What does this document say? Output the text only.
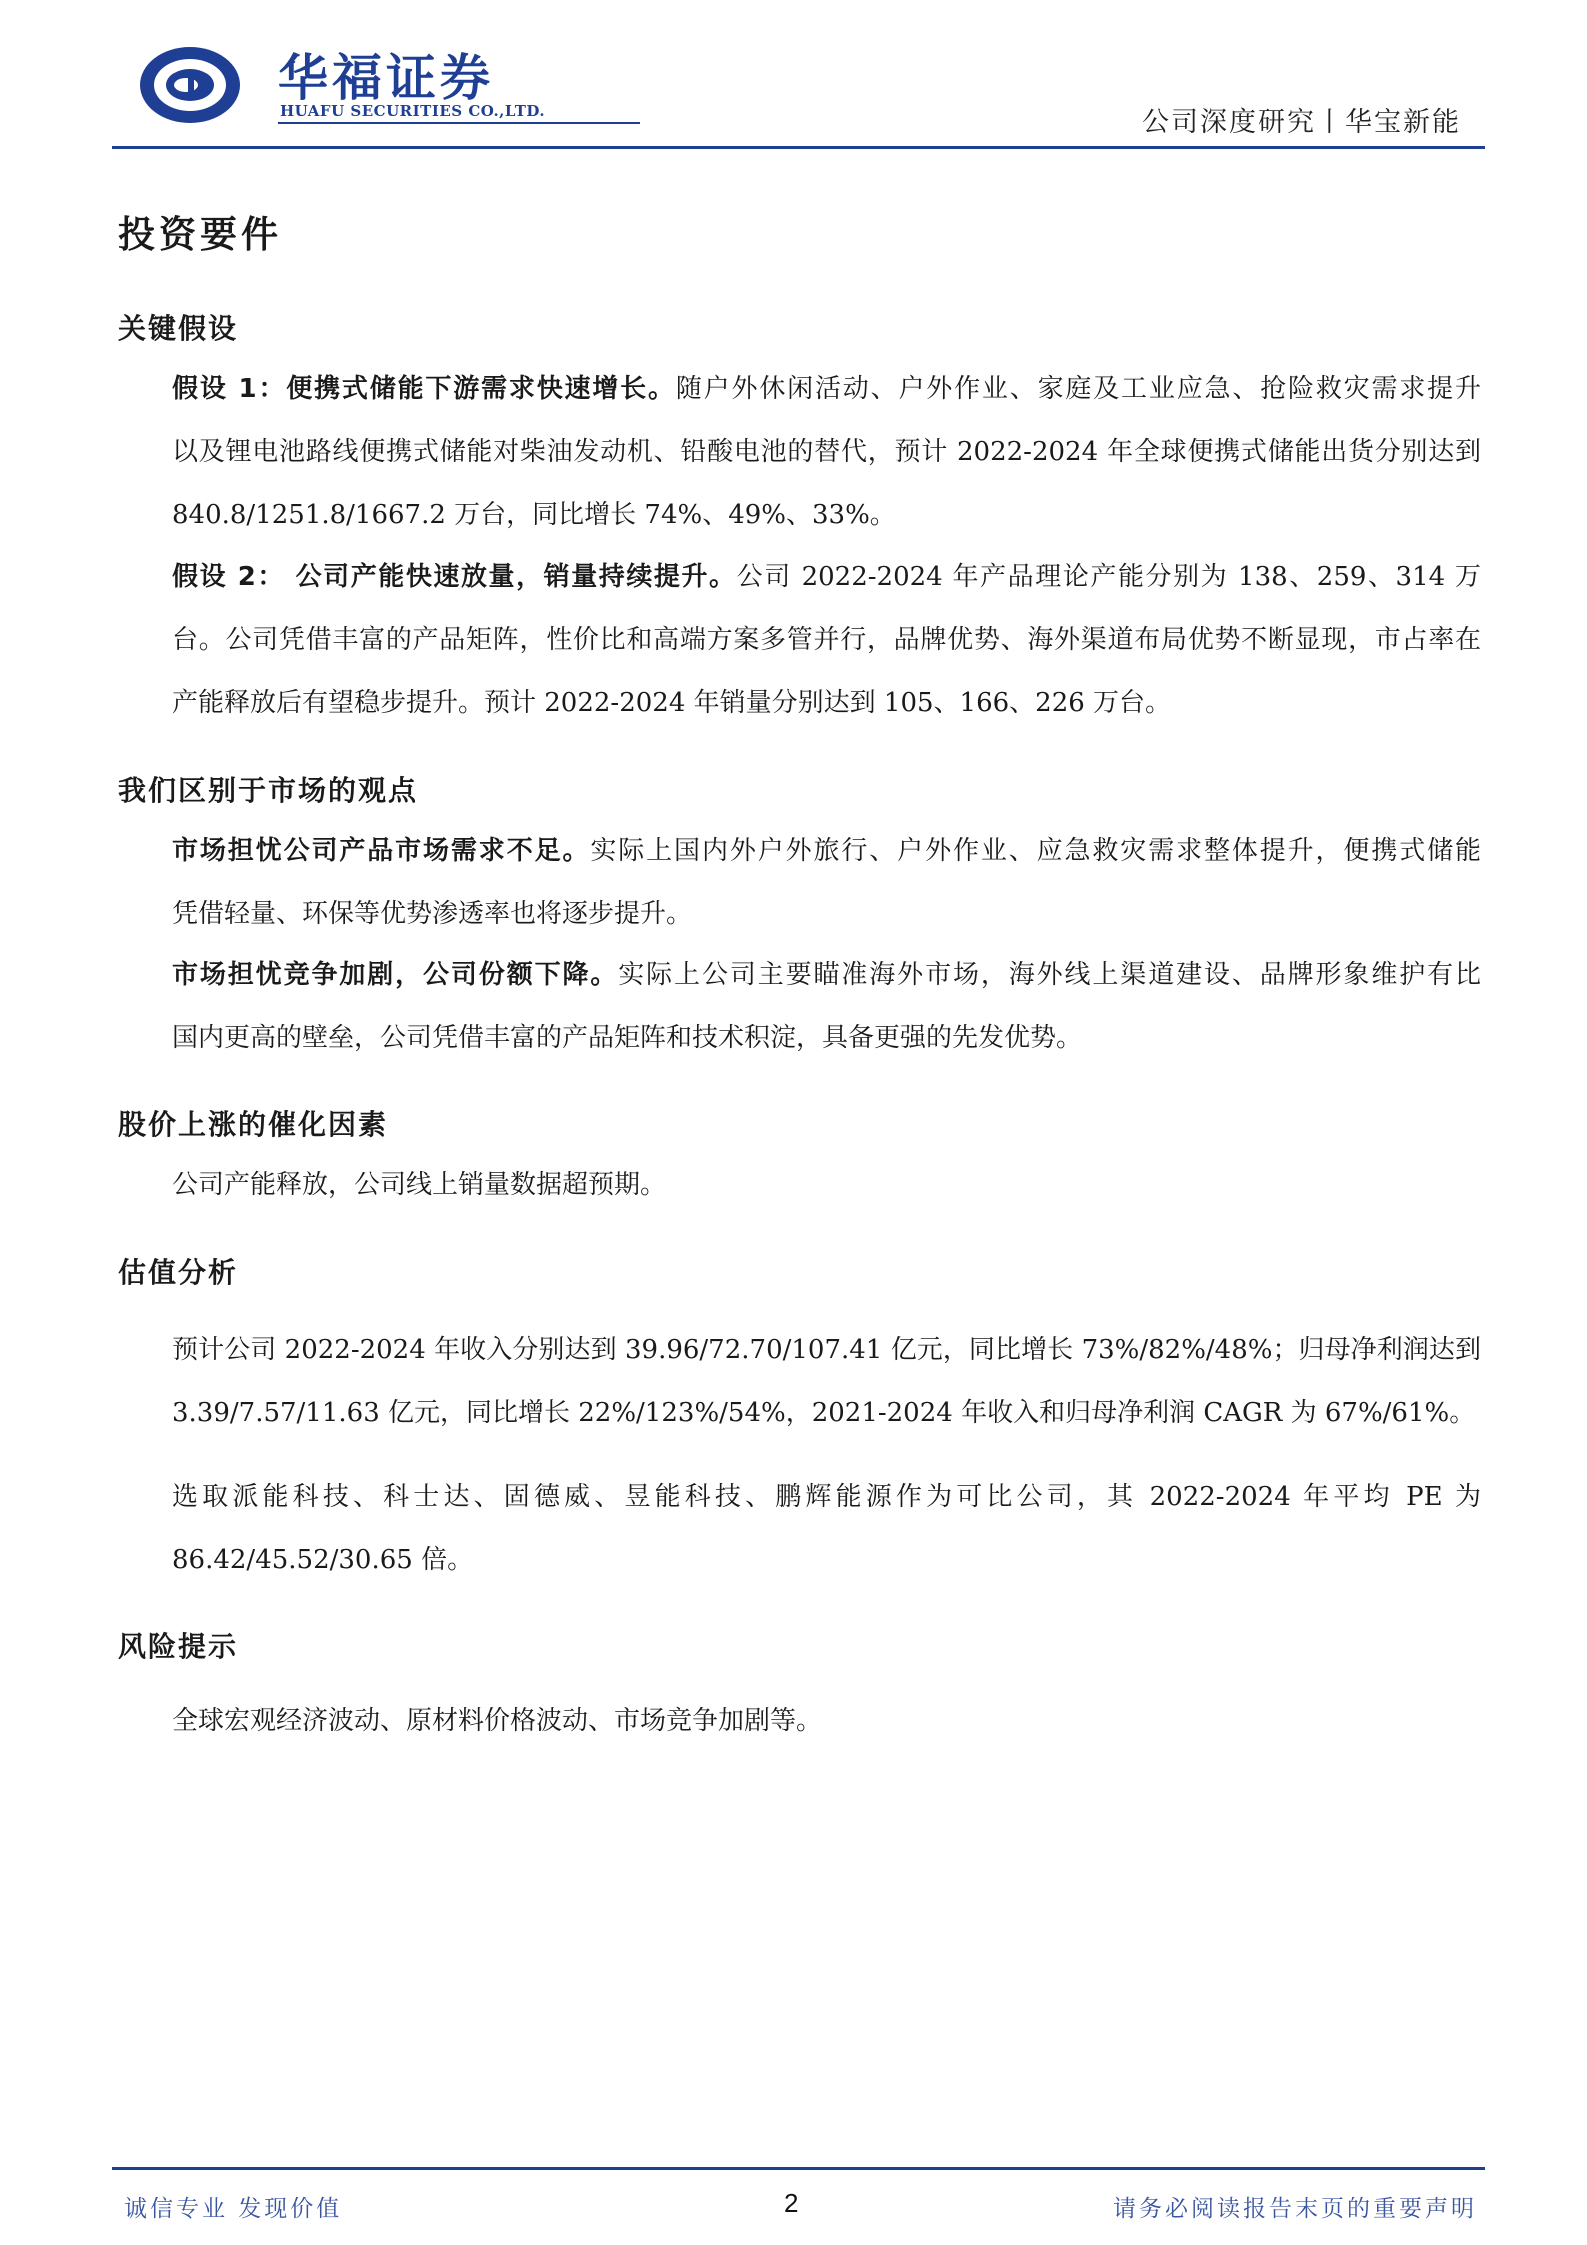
华福证券
HUAFU SECURITIES CO.,LTD.	公司深度研究丨华宝新能
投资要件
关键假设
假设 1：便携式储能下游需求快速增长。随户外休闲活动、户外作业、家庭及工业应急、抢险救灾需求提升
以及锂电池路线便携式储能对柴油发动机、铅酸电池的替代，预计 2022-2024 年全球便携式储能出货分别达到
840.8/1251.8/1667.2 万台，同比增长 74%、49%、33%。
假设 2： 公司产能快速放量，销量持续提升。公司 2022-2024 年产品理论产能分别为 138、259、314 万
台。公司凭借丰富的产品矩阵，性价比和高端方案多管并行，品牌优势、海外渠道布局优势不断显现，市占率在
产能释放后有望稳步提升。预计 2022-2024 年销量分别达到 105、166、226 万台。
我们区别于市场的观点
市场担忧公司产品市场需求不足。实际上国内外户外旅行、户外作业、应急救灾需求整体提升，便携式储能
凭借轻量、环保等优势渗透率也将逐步提升。
市场担忧竞争加剧，公司份额下降。实际上公司主要瞄准海外市场，海外线上渠道建设、品牌形象维护有比
国内更高的壁垒，公司凭借丰富的产品矩阵和技术积淀，具备更强的先发优势。
股价上涨的催化因素
公司产能释放，公司线上销量数据超预期。
估值分析
预计公司 2022-2024 年收入分别达到 39.96/72.70/107.41 亿元，同比增长 73%/82%/48%；归母净利润达到
3.39/7.57/11.63 亿元，同比增长 22%/123%/54%，2021-2024 年收入和归母净利润 CAGR 为 67%/61%。
选取派能科技、科士达、固德威、昱能科技、鹏辉能源作为可比公司，其 2022-2024 年平均 PE 为
86.42/45.52/30.65 倍。
风险提示
全球宏观经济波动、原材料价格波动、市场竞争加剧等。
诚信专业 发现价值	2	请务必阅读报告末页的重要声明
